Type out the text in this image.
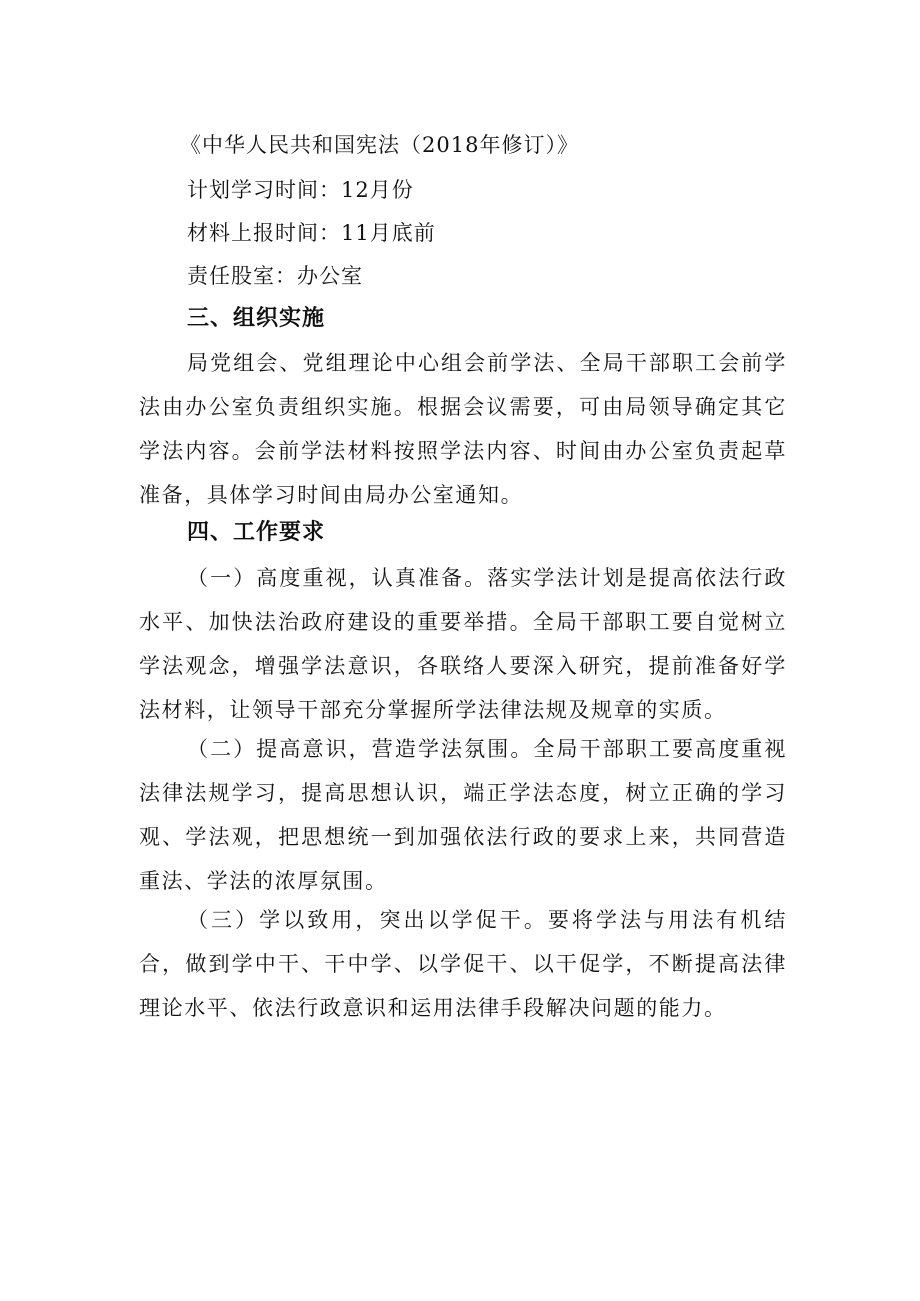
《中华人民共和国宪法（2018年修订）》
计划学习时间：12月份
材料上报时间：11月底前
责任股室：办公室
三、组织实施

局党组会、党组理论中心组会前学法、全局干部职工会前学法由办公室负责组织实施。根据会议需要，可由局领导确定其它学法内容。会前学法材料按照学法内容、时间由办公室负责起草准备，具体学习时间由局办公室通知。

四、工作要求

（一）高度重视，认真准备。落实学法计划是提高依法行政水平、加快法治政府建设的重要举措。全局干部职工要自觉树立学法观念，增强学法意识，各联络人要深入研究，提前准备好学法材料，让领导干部充分掌握所学法律法规及规章的实质。

（二）提高意识，营造学法氛围。全局干部职工要高度重视法律法规学习，提高思想认识，端正学法态度，树立正确的学习观、学法观，把思想统一到加强依法行政的要求上来，共同营造重法、学法的浓厚氛围。

（三）学以致用，突出以学促干。要将学法与用法有机结合，做到学中干、干中学、以学促干、以干促学，不断提高法律理论水平、依法行政意识和运用法律手段解决问题的能力。
